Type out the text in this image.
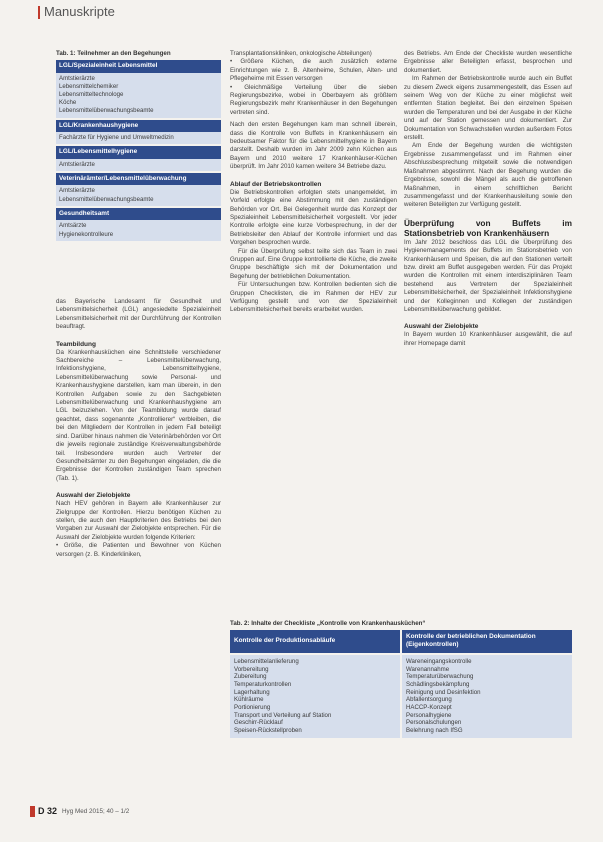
Manuskripte
Tab. 1: Teilnehmer an den Begehungen
LGL/Spezialeinheit Lebensmittel
Amtstierärzte
Lebensmittelchemiker
Lebensmitteltechnologe
Köche
Lebensmittelüberwachungsbeamte
LGL/Krankenhaushygiene
Fachärzte für Hygiene und Umweltmedizin
LGL/Lebensmittelhygiene
Amtstierärzte
Veterinärämter/Lebensmittelüberwachung
Amtstierärzte
Lebensmittelüberwachungsbeamte
Gesundheitsamt
Amtsärzte
Hygienekontrolleure

das Bayerische Landesamt für Gesundheit und Lebensmittelsicherheit (LGL) angesiedelte Spezialeinheit Lebensmittelsicherheit mit der Durchführung der Kontrollen beauftragt.

Teambildung

Da Krankenhausküchen eine Schnittstelle verschiedener Sachbereiche – Lebensmittelüberwachung, Infektionshygiene, Lebensmittelhygiene, Lebensmittelüberwachung sowie Personal- und Krankenhaushygiene darstellen, kam man überein, in den Kontrollen Aufgaben sowie zu den Sachgebieten Lebensmittelüberwachung und Krankenhaushygiene am LGL beizuziehen. Von der Teambildung wurde darauf geachtet, dass sogenannte „Kontrollierer“ verbleiben, die bei den Mitgliedern der Kontrollen in jedem Fall beteiligt sind. Darüber hinaus nahmen die Veterinärbehörden vor Ort die jeweils regionale zuständige Kreisverwaltungsbehörde teil. Insbesondere wurden auch Vertreter der Gesundheitsämter zu den Begehungen eingeladen, die die Ergebnisse der Kontrollen zuständigen Team sprechen (Tab. 1).

Auswahl der Zielobjekte

Nach HEV gehören in Bayern alle Krankenhäuser zur Zielgruppe der Kontrollen. Hierzu benötigen Küchen zu stellen, die auch den Hauptkriterien des Betriebs bei den Vorgaben zur Auswahl der Zielobjekte entsprechen. Für die Auswahl der Zielobjekte wurden folgende Kriterien:

• Größe, die Patienten und Bewohner von Küchen versorgen (z. B. Kinderkliniken,

Transplantationskliniken, onkologische Abteilungen)

• Größere Küchen, die auch zusätzlich externe Einrichtungen wie z. B. Altenheime, Schulen, Alten- und Pflegeheime mit Essen versorgen

• Gleichmäßige Verteilung über die sieben Regierungsbezirke, wobei in Oberbayern als größtem Regierungsbezirk mehr Krankenhäuser in den Begehungen vertreten sind.

Nach den ersten Begehungen kam man schnell überein, dass die Kontrolle von Buffets in Krankenhäusern ein bedeutsamer Faktor für die Lebensmittelhygiene in Bayern darstellt. Deshalb wurden im Jahr 2009 zehn Küchen aus Bayern und 2010 weitere 17 Krankenhäuser-Küchen überprüft. Im Jahr 2010 kamen weitere 34 Betriebe dazu.

Ablauf der Betriebskontrollen

Die Betriebskontrollen erfolgten stets unangemeldet, im Vorfeld erfolgte eine Abstimmung mit den zuständigen Behörden vor Ort. Bei Gelegenheit wurde das Konzept der Spezialeinheit Lebensmittelsicherheit vorgestellt. Vor jeder Kontrolle erfolgte eine kurze Vorbesprechung, in der der Betriebsleiter den Ablauf der Kontrolle informiert und das Vorgehen besprochen wurde.

Für die Überprüfung selbst teilte sich das Team in zwei Gruppen auf. Eine Gruppe kontrollierte die Küche, die zweite Gruppe beschäftigte sich mit der Dokumentation und Begehung der betrieblichen Dokumentation.

Für Untersuchungen bzw. Kontrollen bedienten sich die Gruppen Checklisten, die im Rahmen der HEV zur Verfügung gestellt und von der Spezialeinheit Lebensmittelsicherheit bereits erarbeitet wurden.

des Betriebs. Am Ende der Checkliste wurden wesentliche Ergebnisse aller Beteiligten erfasst, besprochen und dokumentiert.

Im Rahmen der Betriebskontrolle wurde auch ein Buffet zu diesem Zweck eigens zusammengestellt, das Essen auf seinem Weg von der Küche zu einer möglichst weit entfernten Station begleitet. Bei den einzelnen Speisen wurden die Temperaturen und bei der Ausgabe in der Küche und auf der Station gemessen und dokumentiert. Zur Dokumentation von Schwachstellen wurden außerdem Fotos erstellt.

Am Ende der Begehung wurden die wichtigsten Ergebnisse zusammengefasst und im Rahmen einer Abschlussbesprechung mitgeteilt sowie die notwendigen Maßnahmen abgestimmt. Nach der Begehung wurden die Ergebnisse, sowohl die Mängel als auch die getroffenen Maßnahmen, in einem schriftlichen Bericht zusammengefasst und der Krankenhausleitung sowie den weiteren Beteiligten zur Verfügung gestellt.

Überprüfung von Buffets im Stationsbetrieb von Krankenhäusern

Im Jahr 2012 beschloss das LGL die Überprüfung des Hygienemanagements der Buffets im Stationsbetrieb von Krankenhäusern und Speisen, die auf den Stationen verteilt bzw. direkt am Buffet ausgegeben werden. Für das Projekt wurden die Kontrollen mit einem interdisziplinären Team bestehend aus Vertretern der Spezialeinheit Lebensmittelsicherheit, der Spezialeinheit Infektionshygiene und der Kolleginnen und Kollegen der zuständigen Lebensmittelüberwachung gebildet.

Auswahl der Zielobjekte

In Bayern wurden 10 Krankenhäuser ausgewählt, die auf ihrer Homepage damit

Tab. 2: Inhalte der Checkliste „Kontrolle von Krankenhausküchen“
Kontrolle der Produktionsabläufe
Kontrolle der betrieblichen Dokumentation (Eigenkontrollen)
Lebensmittelanlieferung
Vorbereitung
Zubereitung
Temperaturkontrollen
Lagerhaltung
Kühlräume
Portionierung
Transport und Verteilung auf Station
Geschirr-Rücklauf
Speisen-Rückstellproben
Wareneingangskontrolle
Warenannahme
Temperaturüberwachung
Schädlingsbekämpfung
Reinigung und Desinfektion
Abfallentsorgung
HACCP-Konzept
Personalhygiene
Personalschulungen
Belehrung nach IfSG
D 32 Hyg Med 2015; 40 – 1/2
